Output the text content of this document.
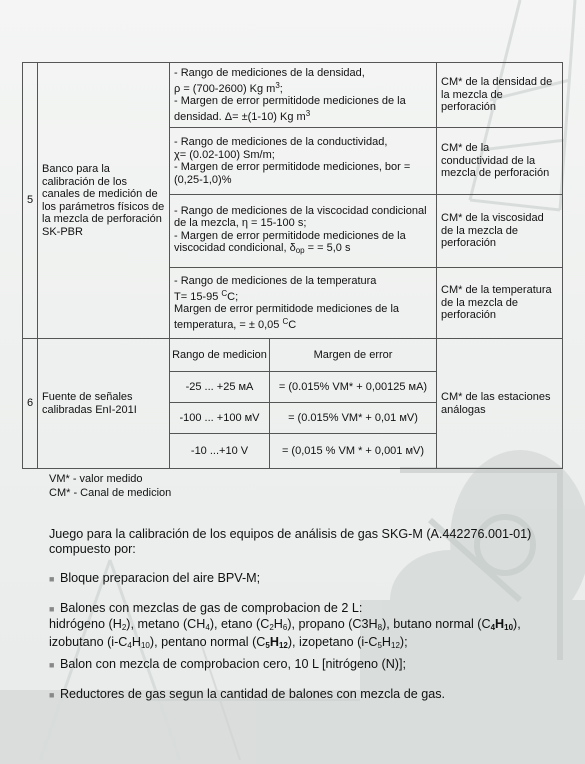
5	Banco para la calibración de los canales de medición de los parámetros físicos de la mezcla de perforación SK-PBR	- Rango de mediciones de la densidad,
ρ = (700-2600) Kg $m^3$;
- Margen de error permitidode mediciones de la densidad. Δ= ±(1-10) Kg $m^3$	CM* de la densidad de la mezcla de perforación
- Rango de mediciones de la conductividad,
χ= (0.02-100) Sm/m;
- Margen de error permitidode mediciones, bor = (0,25-1,0)%	CM* de la conductividad de la mezcla de perforación
- Rango de mediciones de la viscocidad condicional de la mezcla, η = 15-100 s;
- Margen de error permitidode mediciones de la viscocidad condicional, $\delta_{ор}$ = = 5,0 s	CM* de la viscosidad de la mezcla de perforación
- Rango de mediciones de la temperatura
T= 15-95 $^C$C;
Margen de error permitidode mediciones de la temperatura, = ± 0,05 $^C$C	CM* de la temperatura de la mezcla de perforación
6	Fuente de señales calibradas EnI-201I	
Rango de medicion	Margen de error
-25 ... +25 мА	= (0.015% VM* + 0,00125 мА)
-100 ... +100 мV	= (0.015% VM* + 0,01 мV)
-10 ...+10 V	= (0,015 % VM * + 0,001 мV)
	CM* de las estaciones análogas
VM* - valor medido
CM* - Canal de medicion
Juego para la calibración de los equipos de análisis de gas SKG-M (A.442276.001-01) compuesto por:
■ Bloque preparacion del aire BPV-M;
■ Balones con mezclas de gas de comprobacion de 2 L:
hidrógeno $(H_2)$, metano $(CH_4)$, etano $(C_2H_6)$, propano $(C3H_8)$, butano normal $(C_4H_{10})$,
izobutano $(i-C_4H_{10})$, pentano normal $(C_5H_{12})$, izopetano $(i-C_5H_{12})$;
■ Balon con mezcla de comprobacion cero, 10 L [nitrógeno (N)];
■ Reductores de gas segun la cantidad de balones con mezcla de gas.
